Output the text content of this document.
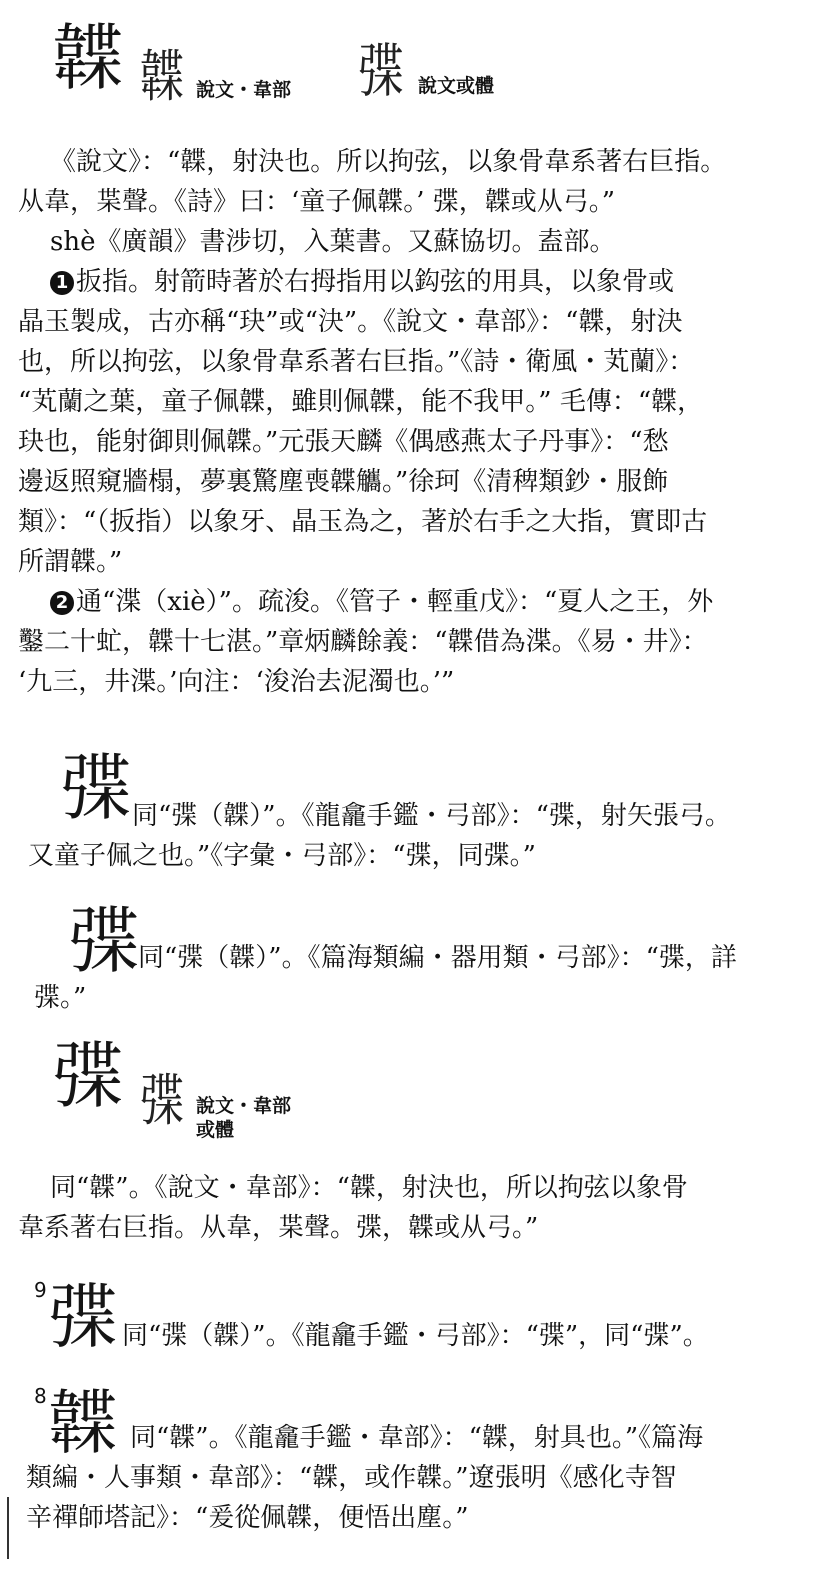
韘 韘 說文・韋部 弽 說文或體
《說文》：“韘，射決也。所以拘弦，以象骨韋系著右巨指。
从韋，枼聲。《詩》曰：‘童子佩韘。’ 弽，韘或从弓。”
shè《廣韻》書涉切，入葉書。又蘇協切。盍部。
1 扳指。射箭時著於右拇指用以鈎弦的用具，以象骨或
晶玉製成，古亦稱“玦”或“決”。《說文・韋部》：“韘，射決
也，所以拘弦，以象骨韋系著右巨指。”《詩・衛風・芄蘭》：
“芄蘭之葉，童子佩韘，雖則佩韘，能不我甲。” 毛傳：“韘，
玦也，能射御則佩韘。”元張天麟《偶感燕太子丹事》：“愁
邊返照窺牆榻，夢裏驚塵喪韘觿。”徐珂《清稗類鈔・服飾
類》：“（扳指）以象牙、晶玉為之，著於右手之大指，實即古
所謂韘。”
2 通“渫（xiè）”。疏浚。《管子・輕重戊》：“夏人之王，外
鑿二十虻，韘十七湛。”章炳麟餘義：“韘借為渫。《易・井》：
‘九三，井渫。’向注：‘浚治去泥濁也。’”
弽 同“弽（韘）”。《龍龕手鑑・弓部》：“弽，射矢張弓。
又童子佩之也。”《字彙・弓部》：“弽，同弽。”
弽
同“弽（韘）”。《篇海類編・器用類・弓部》：“弽，詳
弽。”
弽 弽 說文・韋部
或體
同“韘”。《說文・韋部》：“韘，射決也，所以拘弦以象骨
韋系著右巨指。从韋，枼聲。弽，韘或从弓。”
9 弽 同“弽（韘）”。《龍龕手鑑・弓部》：“弽”，同“弽”。
8 韘 同“韘”。《龍龕手鑑・韋部》：“韘，射具也。”《篇海
類編・人事類・韋部》：“韘，或作韘。”遼張明《感化寺智
辛禪師塔記》：“爰從佩韘，便悟出塵。”
